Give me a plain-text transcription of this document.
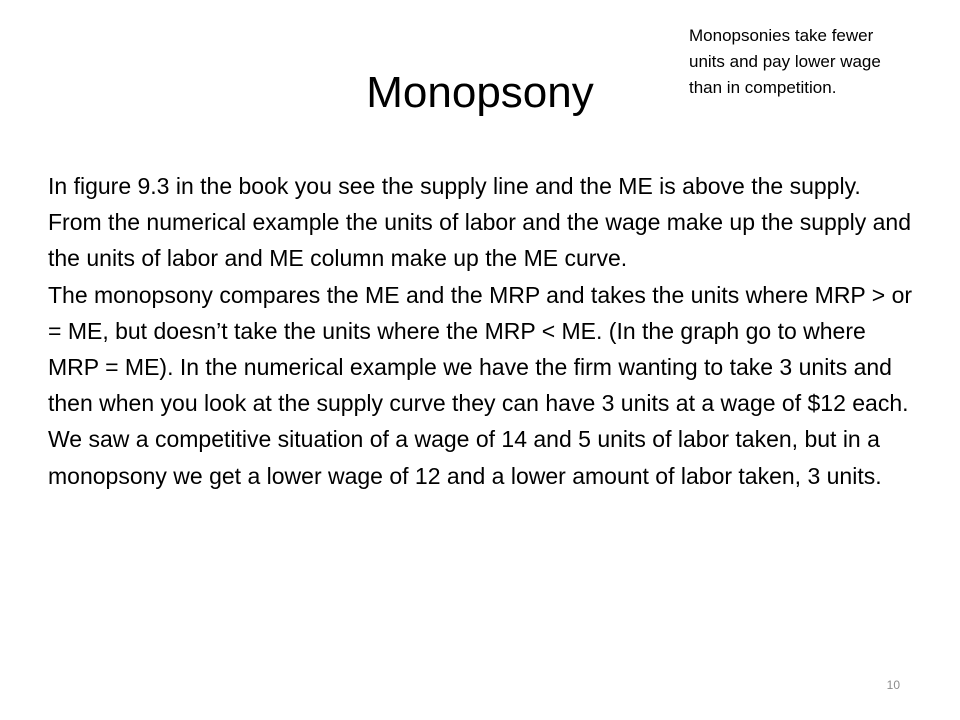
Monopsony
Monopsonies take fewer units and pay lower wage than in competition.

In figure 9.3 in the book you see the supply line and the ME is above the supply. From the numerical example the units of labor and the wage make up the supply and the units of labor and ME column make up the ME curve.

The monopsony compares the ME and the MRP and takes the units where MRP > or = ME, but doesn’t take the units where the MRP < ME. (In the graph go to where MRP = ME). In the numerical example we have the firm wanting to take 3 units and then when you look at the supply curve they can have 3 units at a wage of $12 each.

We saw a competitive situation of a wage of 14 and 5 units of labor taken, but in a monopsony we get a lower wage of 12 and a lower amount of labor taken, 3 units.

10
